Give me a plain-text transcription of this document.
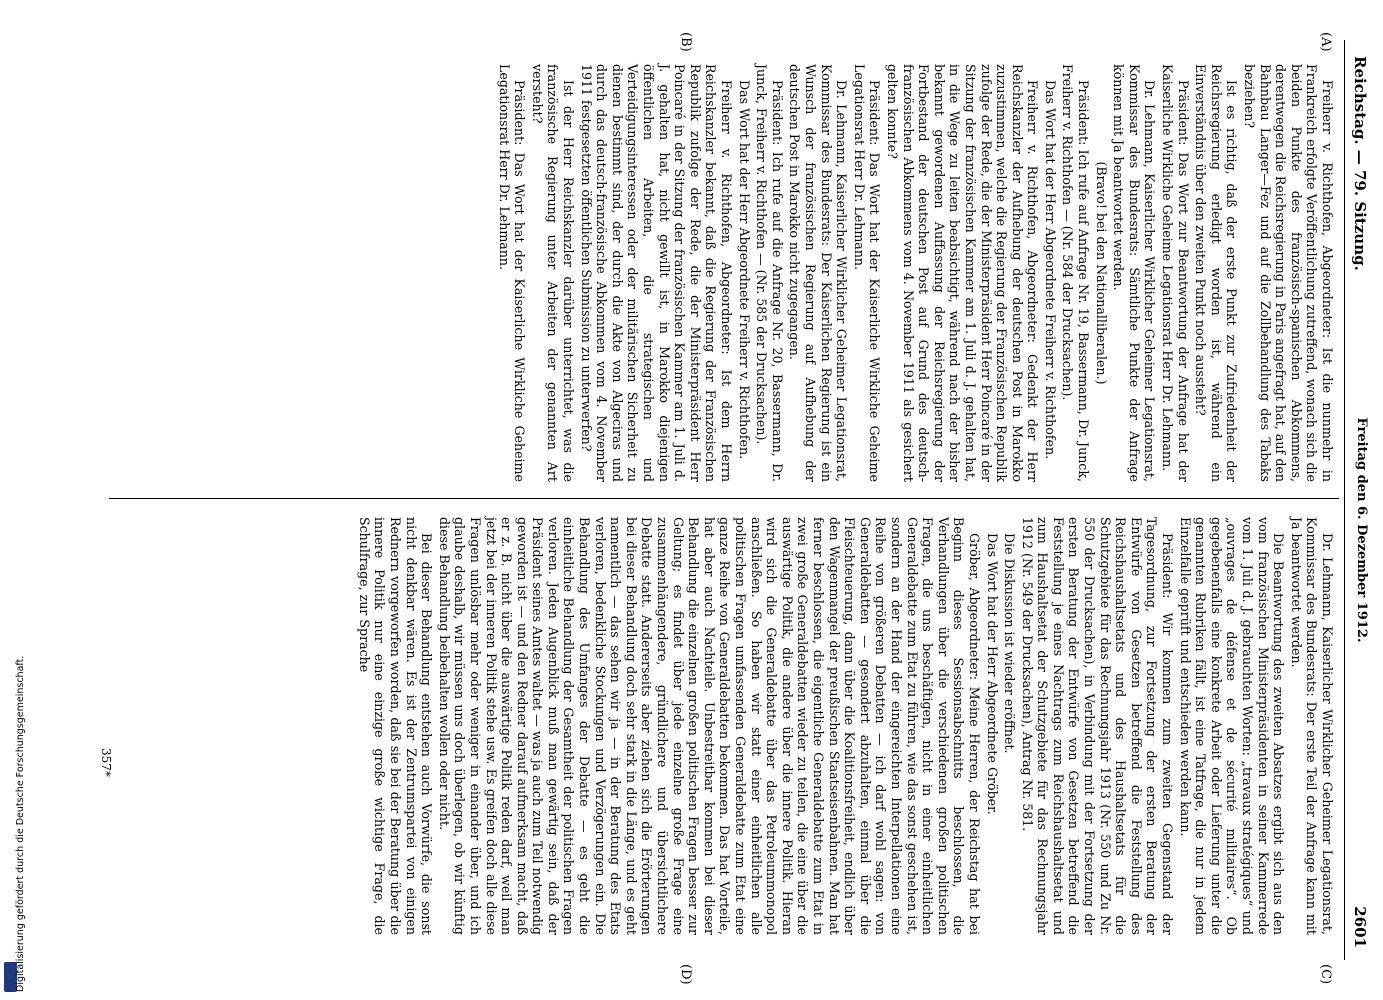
Reichstag. — 79. Sitzung.
Freitag den 6. Dezember 1912.
2601
(A)
(B)
(C)
(D)

Freiherr v. Richthofen, Abgeordneter: Ist die nunmehr in Frankreich erfolgte Veröffentlichung zutreffend, wonach sich die beiden Punkte des französisch-spanischen Abkommens, derentwegen die Reichsregierung in Paris angefragt hat, auf den Bahnbau Langer—Fez und auf die Zollbehandlung des Tabaks beziehen?

Ist es richtig, daß der erste Punkt zur Zufriedenheit der Reichsregierung erledigt worden ist, während ein Einverständnis über den zweiten Punkt noch aussteht?

Präsident: Das Wort zur Beantwortung der Anfrage hat der Kaiserliche Wirkliche Geheime Legationsrat Herr Dr. Lehmann.

Dr. Lehmann, Kaiserlicher Wirklicher Geheimer Legationsrat, Kommissar des Bundesrats: Sämtliche Punkte der Anfrage können mit Ja beantwortet werden.

(Bravo! bei den Nationalliberalen.)

Präsident: Ich rufe auf Anfrage Nr. 19, Bassermann, Dr. Junck, Freiherr v. Richthofen — (Nr. 584 der Drucksachen).

Das Wort hat der Herr Abgeordnete Freiherr v. Richthofen.

Freiherr v. Richthofen, Abgeordneter: Gedenkt der Herr Reichskanzler der Aufhebung der deutschen Post in Marokko zuzustimmen, welche die Regierung der Französischen Republik zufolge der Rede, die der Ministerpräsident Herr Poincaré in der Sitzung der französischen Kammer am 1. Juli d. J. gehalten hat, in die Wege zu leiten beabsichtigt, während nach der bisher bekannt gewordenen Auffassung der Reichsregierung der Fortbestand der deutschen Post auf Grund des deutsch-französischen Abkommens vom 4. November 1911 als gesichert gelten konnte?

Präsident: Das Wort hat der Kaiserliche Wirkliche Geheime Legationsrat Herr Dr. Lehmann.

Dr. Lehmann, Kaiserlicher Wirklicher Geheimer Legationsrat, Kommissar des Bundesrats: Der Kaiserlichen Regierung ist ein Wunsch der französischen Regierung auf Aufhebung der deutschen Post in Marokko nicht zugegangen.

Präsident: Ich rufe auf die Anfrage Nr. 20, Bassermann, Dr. Junck, Freiherr v. Richthofen — (Nr. 585 der Drucksachen).

Das Wort hat der Herr Abgeordnete Freiherr v. Richthofen.

Freiherr v. Richthofen, Abgeordneter: Ist dem Herrn Reichskanzler bekannt, daß die Regierung der Französischen Republik zufolge der Rede, die der Ministerpräsident Herr Poincaré in der Sitzung der französischen Kammer am 1. Juli d. J. gehalten hat, nicht gewillt ist, in Marokko diejenigen öffentlichen Arbeiten, die strategischen und Verteidigungsinteressen oder der militärischen Sicherheit zu dienen bestimmt sind, der durch die Akte von Algeciras und durch das deutsch-französische Abkommen vom 4. November 1911 festgesetzten öffentlichen Submission zu unterwerfen?

Ist der Herr Reichskanzler darüber unterrichtet, was die französische Regierung unter Arbeiten der genannten Art versteht?

Präsident: Das Wort hat der Kaiserliche Wirkliche Geheime Legationsrat Herr Dr. Lehmann.

Dr. Lehmann, Kaiserlicher Wirklicher Geheimer Legationsrat, Kommissar des Bundesrats: Der erste Teil der Anfrage kann mit Ja beantwortet werden.

Die Beantwortung des zweiten Absatzes ergibt sich aus den vom französischen Ministerpräsidenten in seiner Kammerrede vom 1. Juli d. J. gebrauchten Worten: „travaux stratégiques“ und „ouvrages de défense et de sécurité militaires“. Ob gegebenenfalls eine konkrete Arbeit oder Lieferung unter die genannten Rubriken fällt, ist eine Tatfrage, die nur in jedem Einzelfalle geprüft und entschieden werden kann.

Präsident: Wir kommen zum zweiten Gegenstand der Tagesordnung, zur Fortsetzung der ersten Beratung der Entwürfe von Gesetzen betreffend die Feststellung des Reichshaushaltsetats und des Haushaltsetats für die Schutzgebiete für das Rechnungsjahr 1913 (Nr. 550 und Zu Nr. 550 der Drucksachen), in Verbindung mit der Fortsetzung der ersten Beratung der Entwürfe von Gesetzen betreffend die Feststellung je eines Nachtrags zum Reichshaushaltsetat und zum Haushaltsetat der Schutzgebiete für das Rechnungsjahr 1912 (Nr. 549 der Drucksachen), Antrag Nr. 581.

Die Diskussion ist wieder eröffnet.

Das Wort hat der Herr Abgeordnete Gröber.

Gröber, Abgeordneter: Meine Herren, der Reichstag hat bei Beginn dieses Sessionsabschnitts beschlossen, die Verhandlungen über die verschiedenen großen politischen Fragen, die uns beschäftigen, nicht in einer einheitlichen Generaldebatte zum Etat zu führen, wie das sonst geschehen ist, sondern an der Hand der eingereichten Interpellationen eine Reihe von größeren Debatten — ich darf wohl sagen: von Generaldebatten — gesondert abzuhalten, einmal über die Fleischteuerung, dann über die Koalitionsfreiheit, endlich über den Wagenmangel der preußischen Staatseisenbahnen. Man hat ferner beschlossen, die eigentliche Generaldebatte zum Etat in zwei große Generaldebatten wieder zu teilen, die eine über die auswärtige Politik, die andere über die innere Politik. Hieran wird sich die Generaldebatte über das Petroleummonopol anschließen. So haben wir statt einer einheitlichen alle politischen Fragen umfassenden Generaldebatte zum Etat eine ganze Reihe von Generaldebatten bekommen. Das hat Vorteile, hat aber auch Nachteile. Unbestreitbar kommen bei dieser Behandlung die einzelnen großen politischen Fragen besser zur Geltung; es findet über jede einzelne große Frage eine zusammenhängendere, gründlichere und übersichtlichere Debatte statt. Andererseits aber ziehen sich die Erörterungen bei dieser Behandlung doch sehr stark in die Länge, und es geht namentlich — das sehen wir ja — in der Beratung des Etats verloren, bedenkliche Stockungen und Verzögerungen ein. Die Behandlung des Umfanges der Debatte — es geht die einheitliche Behandlung der Gesamtheit der politischen Fragen verloren. Jeden Augenblick muß man gewärtig sein, daß der Präsident seines Amtes waltet — was ja auch zum Teil notwendig geworden ist — und den Redner darauf aufmerksam macht, daß er z. B. nicht über die auswärtige Politik reden darf, weil man jetzt bei der inneren Politik stehe usw. Es greifen doch alle diese Fragen unlösbar mehr oder weniger in einander über, und ich glaube deshalb, wir müssen uns doch überlegen, ob wir künftig diese Behandlung beibehalten wollen oder nicht.

Bei dieser Behandlung entstehen auch Vorwürfe, die sonst nicht denkbar wären. Es ist der Zentrumspartei von einigen Rednern vorgeworfen worden, daß sie bei der Beratung über die innere Politik nur eine einzige große wichtige Frage, die Schulfrage, zur Sprache

357*
Digitalisierung gefördert durch die Deutsche Forschungsgemeinschaft.
